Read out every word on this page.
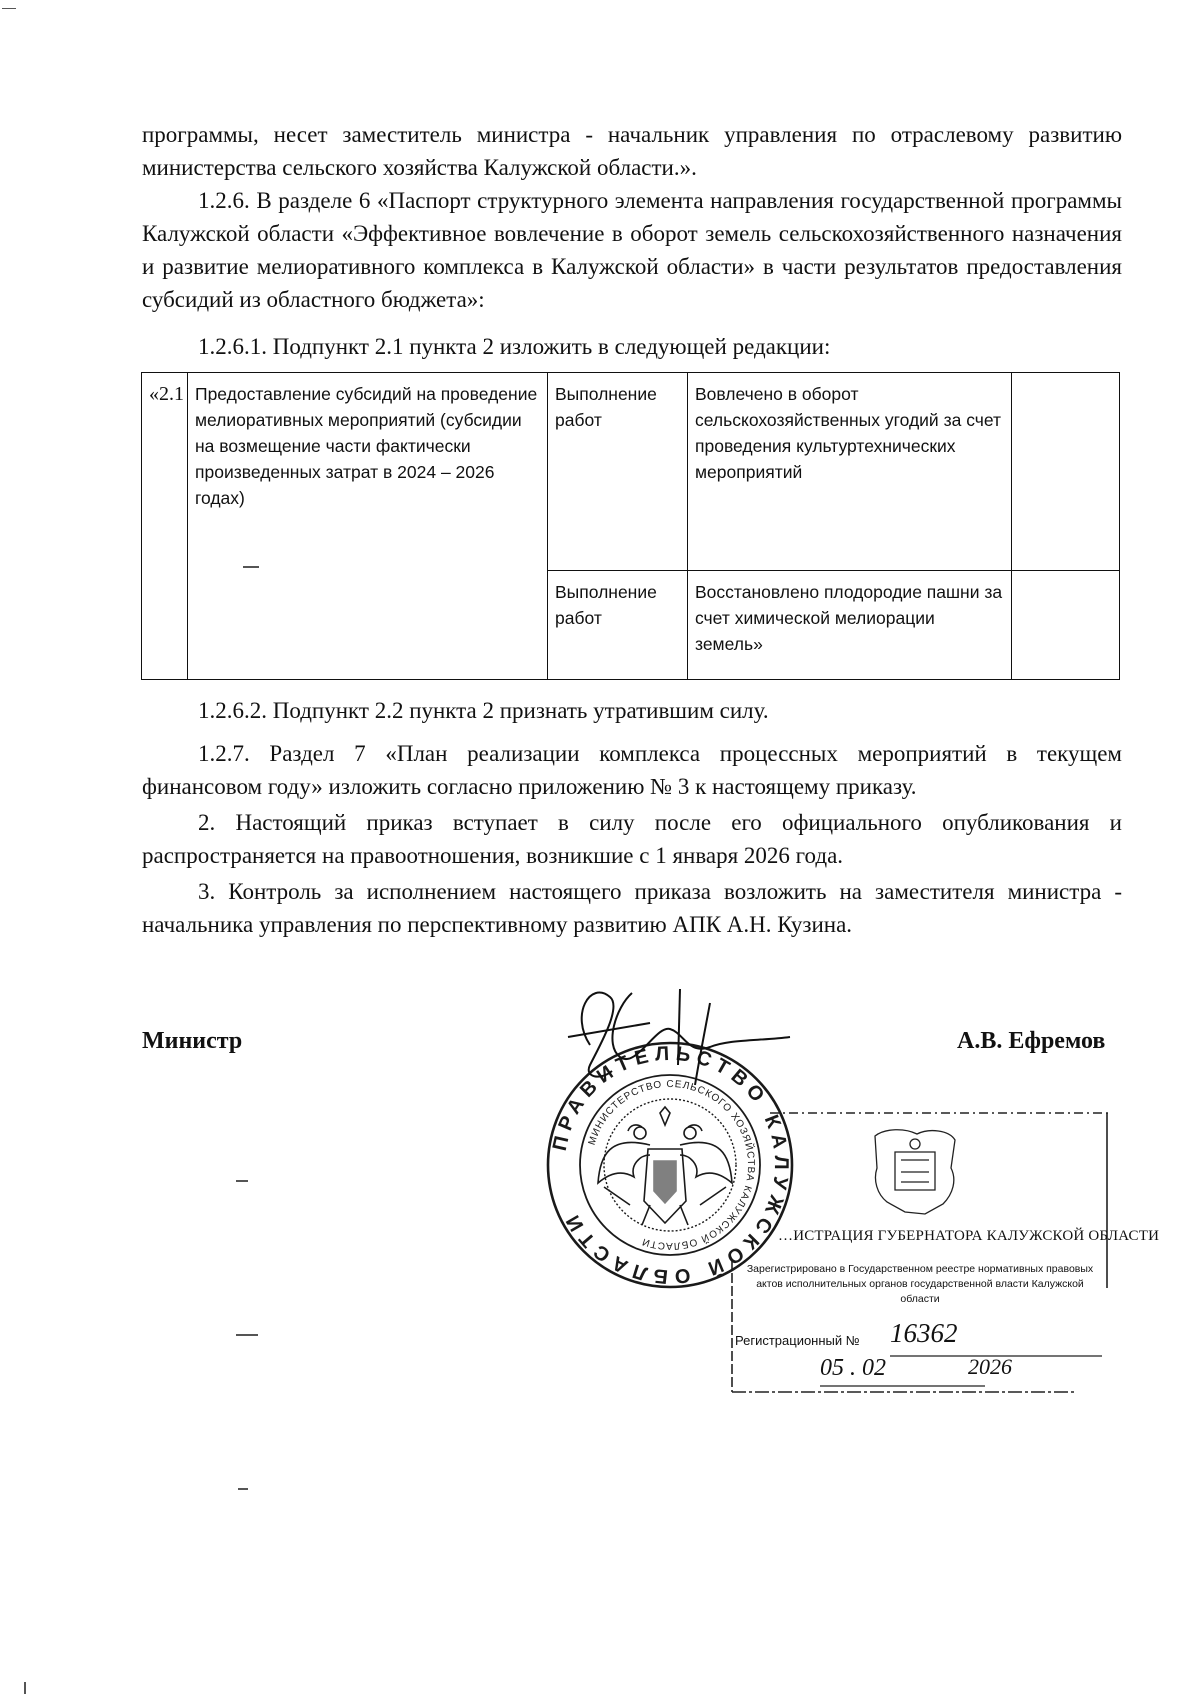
программы, несет заместитель министра - начальник управления по отраслевому развитию министерства сельского хозяйства Калужской области.».

1.2.6. В разделе 6 «Паспорт структурного элемента направления государственной программы Калужской области «Эффективное вовлечение в оборот земель сельскохозяйственного назначения и развитие мелиоративного комплекса в Калужской области» в части результатов предоставления субсидий из областного бюджета»:

1.2.6.1. Подпункт 2.1 пункта 2 изложить в следующей редакции:

«2.1	Предоставление субсидий на проведение мелиоративных мероприятий (субсидии на возмещение части фактически произведенных затрат в 2024 – 2026 годах)	Выполнение работ	Вовлечено в оборот сельскохозяйственных угодий за счет проведения культуртехнических мероприятий	
		Выполнение работ	Восстановлено плодородие пашни за счет химической мелиорации земель»	

1.2.6.2. Подпункт 2.2 пункта 2 признать утратившим силу.

1.2.7. Раздел 7 «План реализации комплекса процессных мероприятий в текущем финансовом году» изложить согласно приложению № 3 к настоящему приказу.

2. Настоящий приказ вступает в силу после его официального опубликования и распространяется на правоотношения, возникшие с 1 января 2026 года.

3. Контроль за исполнением настоящего приказа возложить на заместителя министра - начальника управления по перспективному развитию АПК А.Н. Кузина.

Министр	А.В. Ефремов
…ИСТРАЦИЯ ГУБЕРНАТОРА КАЛУЖСКОЙ ОБЛАСТИ
Зарегистрировано в Государственном реестре нормативных правовых актов исполнительных органов государственной власти Калужской области
Регистрационный № 16362
05 . 02	2026
ПРАВИТЕЛЬСТВО КАЛУЖСКОЙ ОБЛАСТИ
МИНИСТЕРСТВО СЕЛЬСКОГО ХОЗЯЙСТВА КАЛУЖСКОЙ ОБЛАСТИ
